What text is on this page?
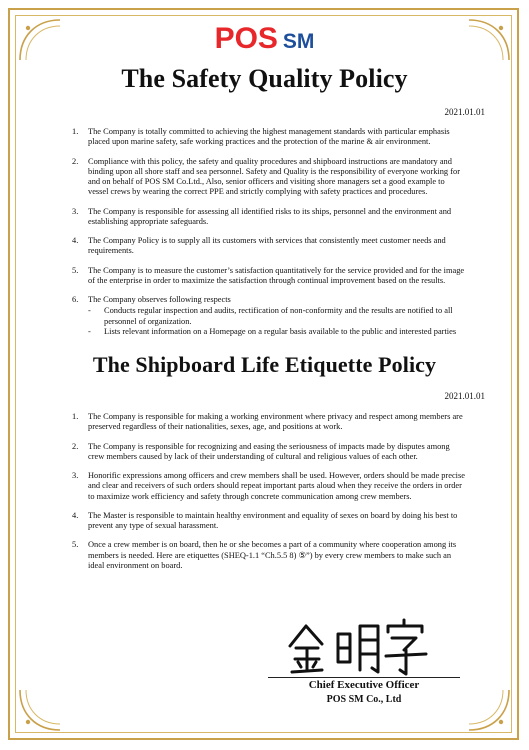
POS SM
The Safety Quality Policy
2021.01.01
1. The Company is totally committed to achieving the highest management standards with particular emphasis placed upon marine safety, safe working practices and the protection of the marine & air environment.
2. Compliance with this policy, the safety and quality procedures and shipboard instructions are mandatory and binding upon all shore staff and sea personnel. Safety and Quality is the responsibility of everyone working for and on behalf of POS SM Co.Ltd., Also, senior officers and visiting shore managers set a good example to vessel crews by wearing the correct PPE and strictly complying with safety practices and procedures.
3. The Company is responsible for assessing all identified risks to its ships, personnel and the environment and establishing appropriate safeguards.
4. The Company Policy is to supply all its customers with services that consistently meet customer needs and requirements.
5. The Company is to measure the customer’s satisfaction quantitatively for the service provided and for the image of the enterprise in order to maximize the satisfaction through continual improvement based on the results.
6. The Company observes following respects
- Conducts regular inspection and audits, rectification of non-conformity and the results are notified to all personnel of organization.
- Lists relevant information on a Homepage on a regular basis available to the public and interested parties
The Shipboard Life Etiquette Policy
2021.01.01
1. The Company is responsible for making a working environment where privacy and respect among members are preserved regardless of their nationalities, sexes, age, and positions at work.
2. The Company is responsible for recognizing and easing the seriousness of impacts made by disputes among crew members caused by lack of their understanding of cultural and religious values of each other.
3. Honorific expressions among officers and crew members shall be used. However, orders should be made precise and clear and receivers of such orders should repeat important parts aloud when they receive the orders in order to maximize work efficiency and safety through concrete communication among crew members.
4. The Master is responsible to maintain healthy environment and equality of sexes on board by doing his best to prevent any type of sexual harassment.
5. Once a crew member is on board, then he or she becomes a part of a community where cooperation among its members is needed. Here are etiquettes (SHEQ-1.1 “Ch.5.5 8) ⑤”) by every crew members to make such an ideal environment on board.
Chief Executive Officer
POS SM Co., Ltd
